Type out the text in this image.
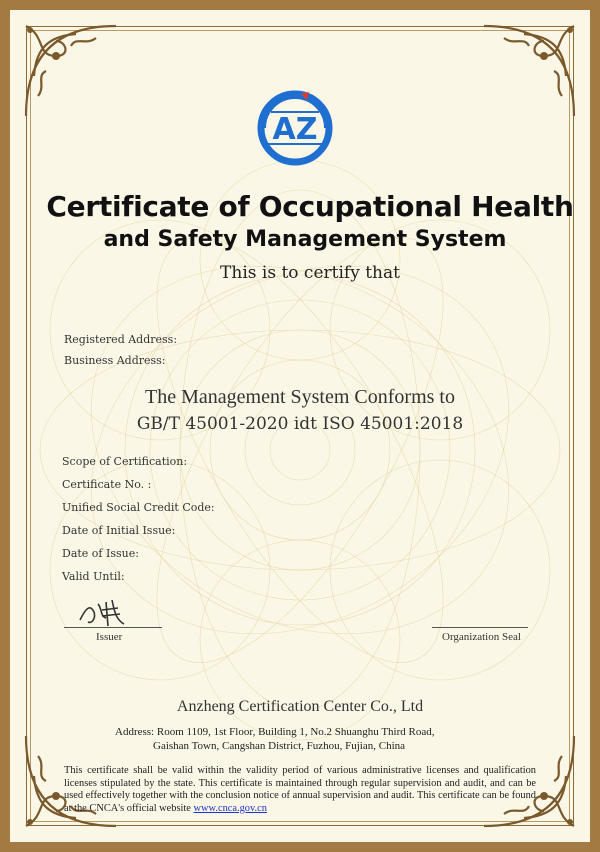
AZ
Certificate of Occupational Health
and Safety Management System
This is to certify that
Registered Address:
Business Address:
The Management System Conforms to
GB/T 45001-2020 idt ISO 45001:2018
Scope of Certification:
Certificate No. :
Unified Social Credit Code:
Date of Initial Issue:
Date of Issue:
Valid Until:
Issuer	Organization Seal
Anzheng Certification Center Co., Ltd
Address: Room 1109, 1st Floor, Building 1, No.2 Shuanghu Third Road,
Gaishan Town, Cangshan District, Fuzhou, Fujian, China
This certificate shall be valid within the validity period of various administrative licenses and qualification licenses stipulated by the state. This certificate is maintained through regular supervision and audit, and can be used effectively together with the conclusion notice of annual supervision and audit. This certificate can be found at the CNCA's official website www.cnca.gov.cn
